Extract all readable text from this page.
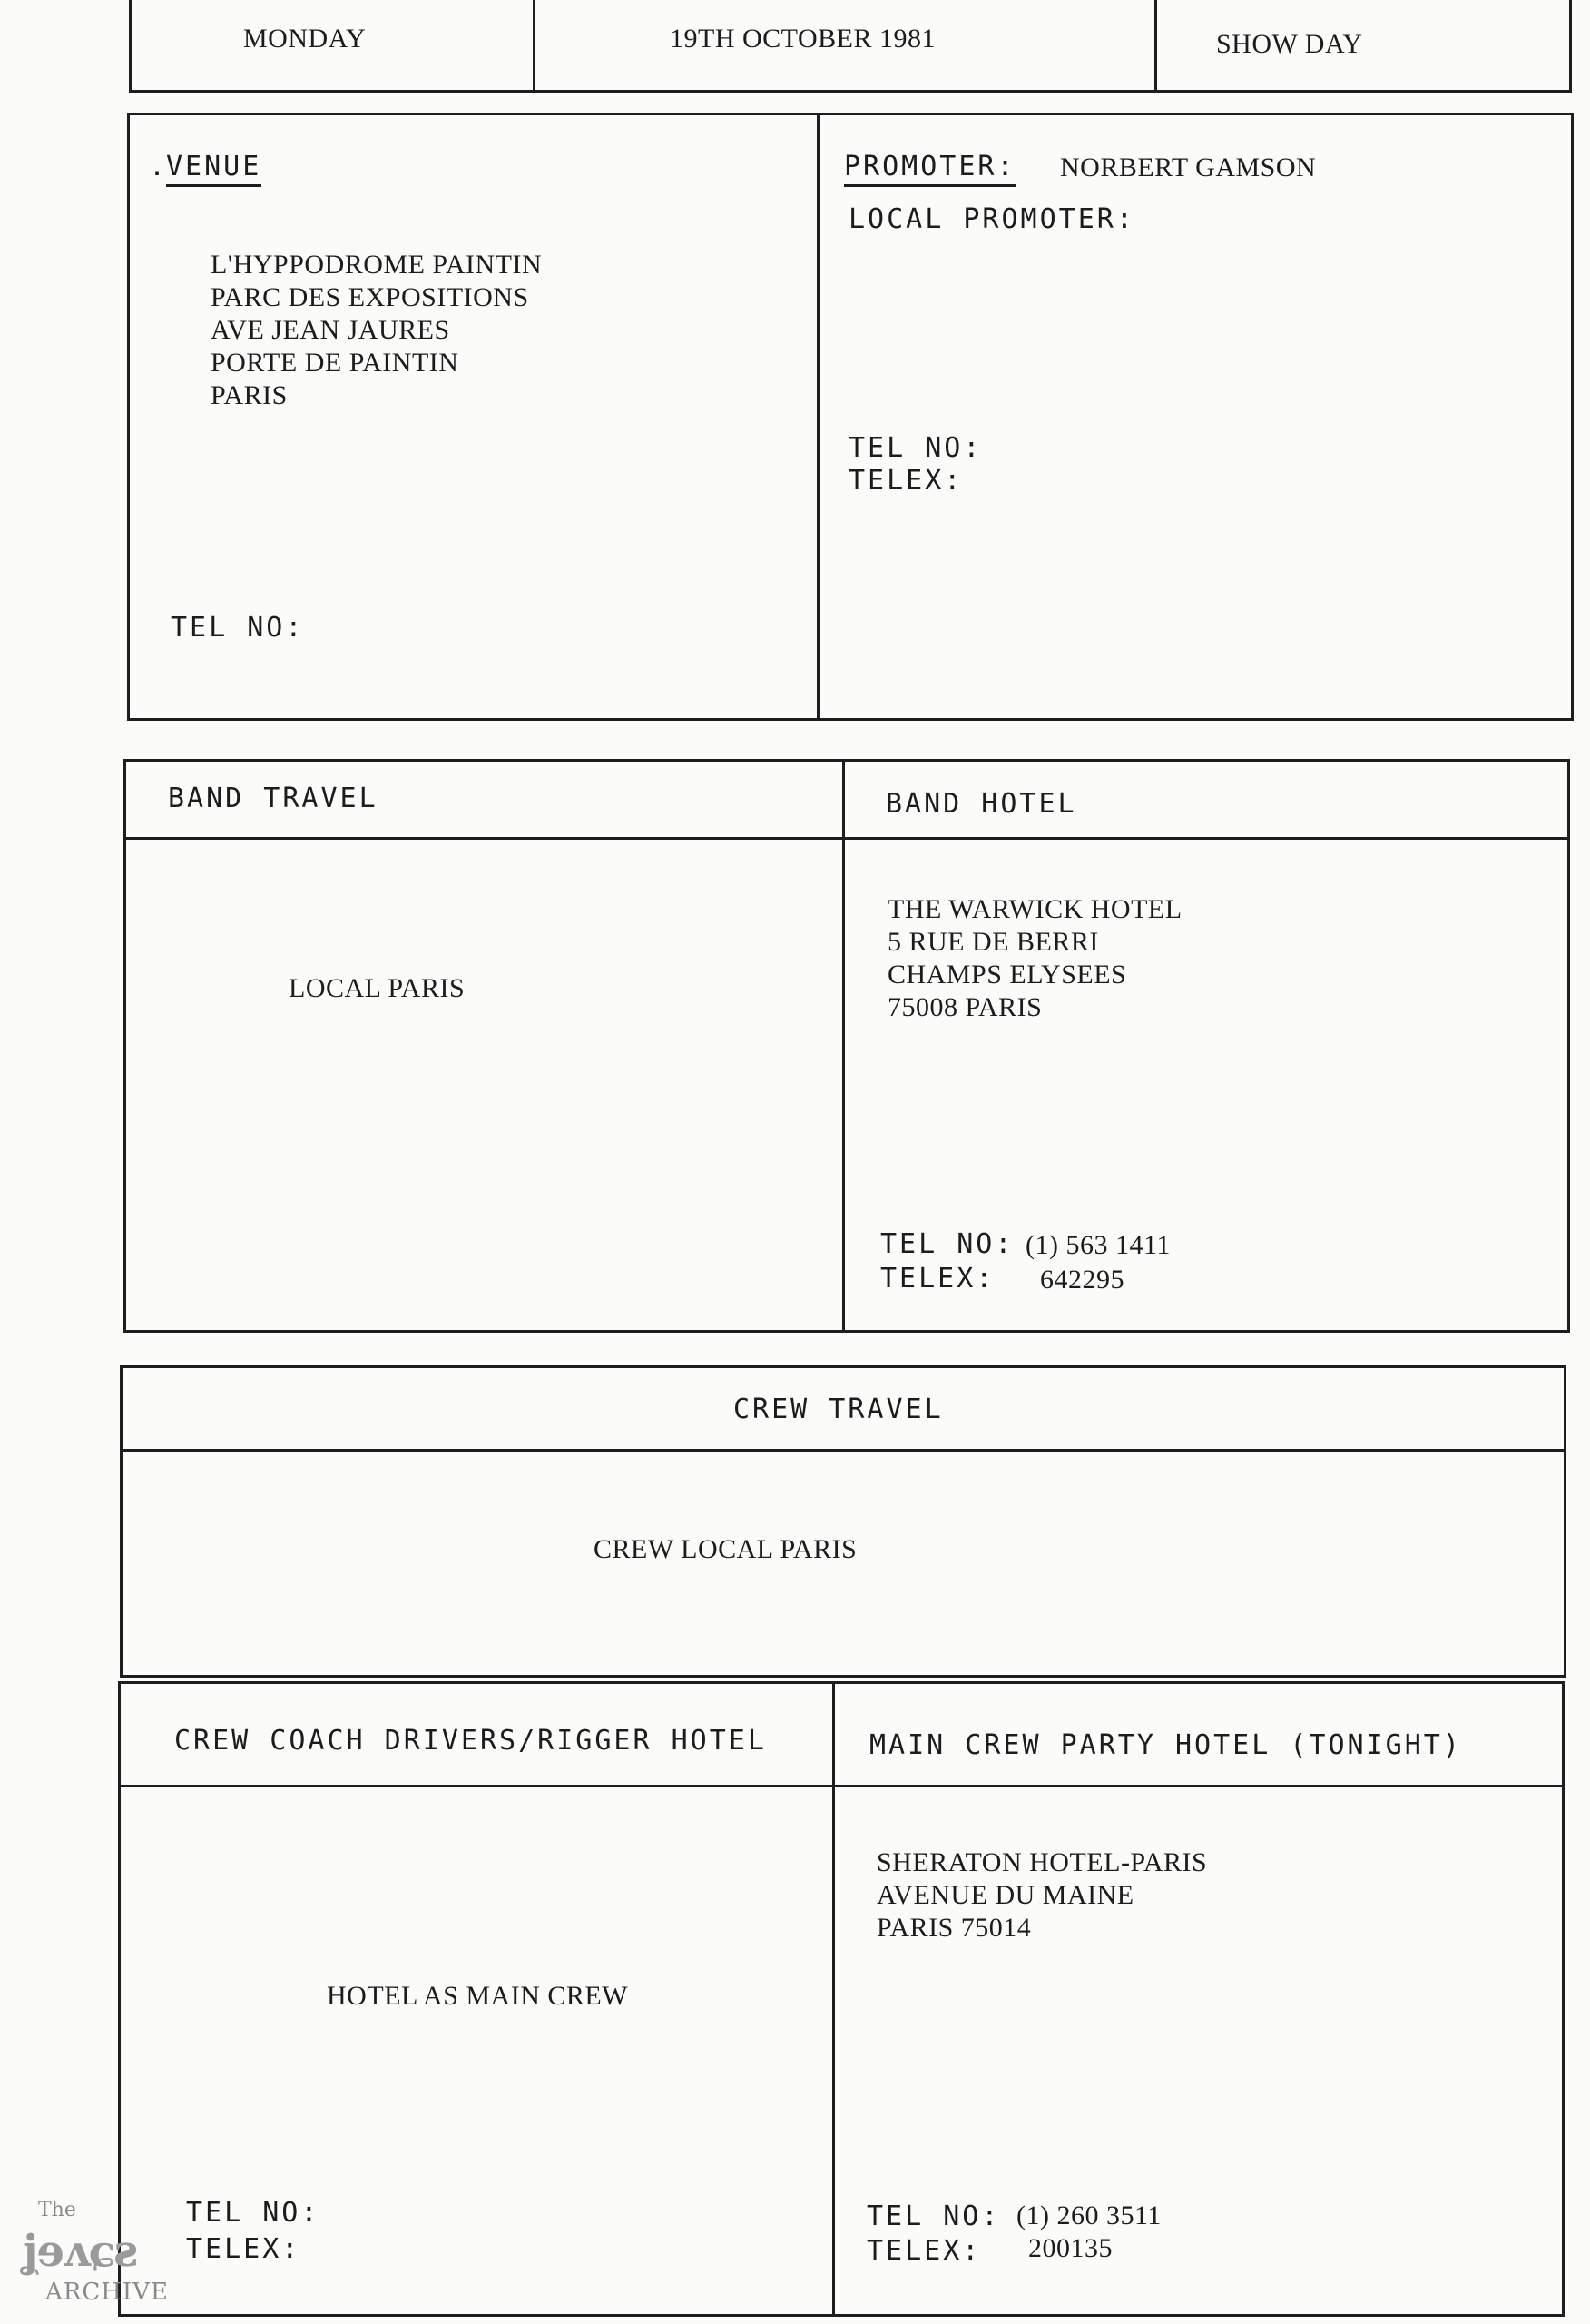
MONDAY	19TH OCTOBER 1981	SHOW DAY
.
VENUE
L'HYPPODROME PAINTIN
PARC DES EXPOSITIONS
AVE JEAN JAURES
PORTE DE PAINTIN
PARIS
TEL NO:
PROMOTER: NORBERT GAMSON
LOCAL PROMOTER:
TEL NO:
TELEX:
BAND TRAVEL
LOCAL PARIS
BAND HOTEL
THE WARWICK HOTEL
5 RUE DE BERRI
CHAMPS ELYSEES
75008 PARIS
TEL NO: (1) 563 1411
TELEX: 642295
CREW TRAVEL
CREW LOCAL PARIS
CREW COACH DRIVERS/RIGGER HOTEL
HOTEL AS MAIN CREW
TEL NO:
TELEX:
MAIN CREW PARTY HOTEL (TONIGHT)
SHERATON HOTEL-PARIS
AVENUE DU MAINE
PARIS 75014
TEL NO: (1) 260 3511
TELEX: 200135
The
ʝɘʌɕƨ
ARCHIVE
